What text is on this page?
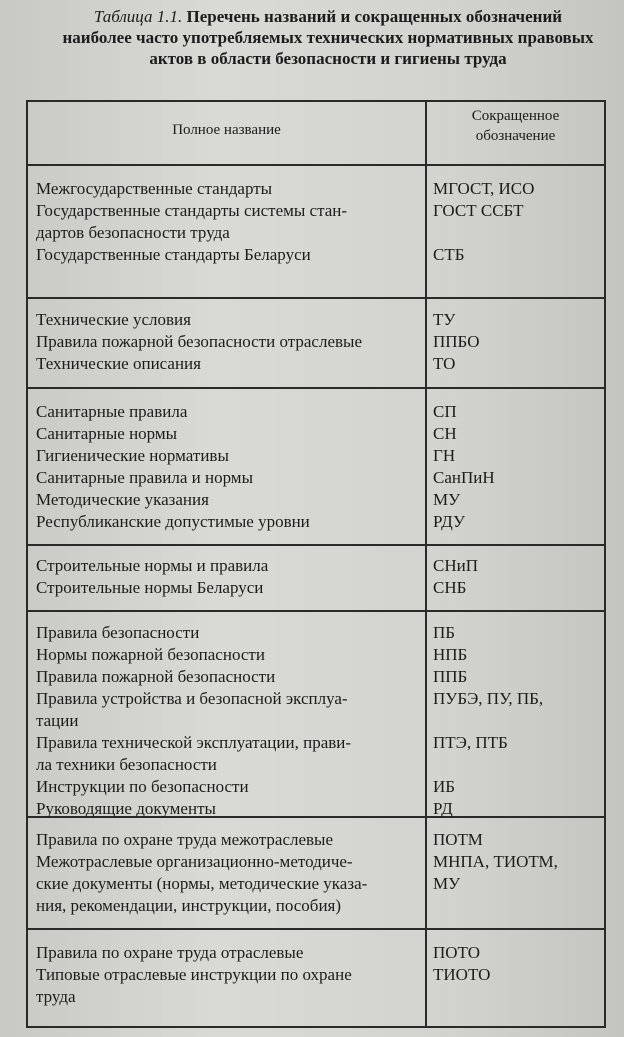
Таблица 1.1. Перечень названий и сокращенных обозначений наиболее часто употребляемых технических нормативных правовых актов в области безопасности и гигиены труда
Полное название
Сокращенное
обозначение
Межгосударственные стандарты
Государственные стандарты системы стан-
дартов безопасности труда
Государственные стандарты Беларуси
МГОСТ, ИСО
ГОСТ ССБТ

СТБ
Технические условия
Правила пожарной безопасности отраслевые
Технические описания
ТУ
ППБО
ТО
Санитарные правила
Санитарные нормы
Гигиенические нормативы
Санитарные правила и нормы
Методические указания
Республиканские допустимые уровни
СП
СН
ГН
СанПиН
МУ
РДУ
Строительные нормы и правила
Строительные нормы Беларуси
СНиП
СНБ
Правила безопасности
Нормы пожарной безопасности
Правила пожарной безопасности
Правила устройства и безопасной эксплуа-
тации
Правила технической эксплуатации, прави-
ла техники безопасности
Инструкции по безопасности
Руководящие документы
ПБ
НПБ
ППБ
ПУБЭ, ПУ, ПБ,

ПТЭ, ПТБ

ИБ
РД
Правила по охране труда межотраслевые
Межотраслевые организационно-методиче-
ские документы (нормы, методические указа-
ния, рекомендации, инструкции, пособия)
ПОТМ
МНПА, ТИОТМ,
МУ
Правила по охране труда отраслевые
Типовые отраслевые инструкции по охране
труда
ПОТО
ТИОТО
